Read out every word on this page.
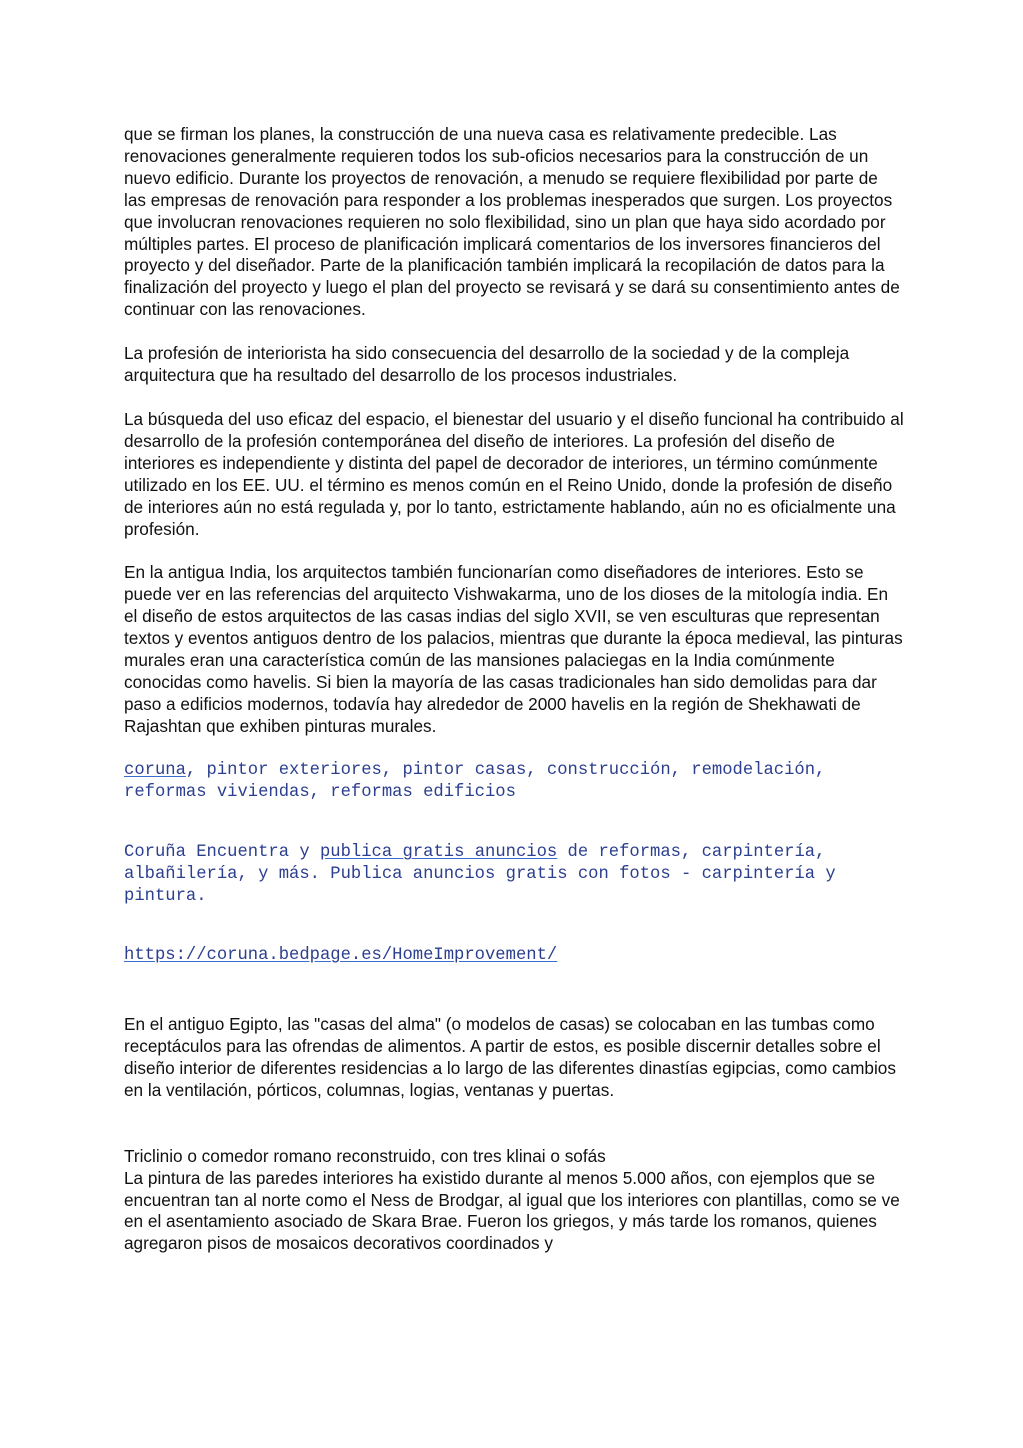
que se firman los planes, la construcción de una nueva casa es relativamente predecible. Las renovaciones generalmente requieren todos los sub-oficios necesarios para la construcción de un nuevo edificio. Durante los proyectos de renovación, a menudo se requiere flexibilidad por parte de las empresas de renovación para responder a los problemas inesperados que surgen. Los proyectos que involucran renovaciones requieren no solo flexibilidad, sino un plan que haya sido acordado por múltiples partes. El proceso de planificación implicará comentarios de los inversores financieros del proyecto y del diseñador. Parte de la planificación también implicará la recopilación de datos para la finalización del proyecto y luego el plan del proyecto se revisará y se dará su consentimiento antes de continuar con las renovaciones.

La profesión de interiorista ha sido consecuencia del desarrollo de la sociedad y de la compleja arquitectura que ha resultado del desarrollo de los procesos industriales.

La búsqueda del uso eficaz del espacio, el bienestar del usuario y el diseño funcional ha contribuido al desarrollo de la profesión contemporánea del diseño de interiores. La profesión del diseño de interiores es independiente y distinta del papel de decorador de interiores, un término comúnmente utilizado en los EE. UU. el término es menos común en el Reino Unido, donde la profesión de diseño de interiores aún no está regulada y, por lo tanto, estrictamente hablando, aún no es oficialmente una profesión.

En la antigua India, los arquitectos también funcionarían como diseñadores de interiores. Esto se puede ver en las referencias del arquitecto Vishwakarma, uno de los dioses de la mitología india. En el diseño de estos arquitectos de las casas indias del siglo XVII, se ven esculturas que representan textos y eventos antiguos dentro de los palacios, mientras que durante la época medieval, las pinturas murales eran una característica común de las mansiones palaciegas en la India comúnmente conocidas como havelis. Si bien la mayoría de las casas tradicionales han sido demolidas para dar paso a edificios modernos, todavía hay alrededor de 2000 havelis en la región de Shekhawati de Rajashtan que exhiben pinturas murales.

coruna, pintor exteriores, pintor casas, construcción, remodelación, reformas viviendas, reformas edificios

Coruña Encuentra y publica gratis anuncios de reformas, carpintería, albañilería, y más. Publica anuncios gratis con fotos - carpintería y pintura.

https://coruna.bedpage.es/HomeImprovement/

En el antiguo Egipto, las "casas del alma" (o modelos de casas) se colocaban en las tumbas como receptáculos para las ofrendas de alimentos. A partir de estos, es posible discernir detalles sobre el diseño interior de diferentes residencias a lo largo de las diferentes dinastías egipcias, como cambios en la ventilación, pórticos, columnas, logias, ventanas y puertas.

Triclinio o comedor romano reconstruido, con tres klinai o sofás

La pintura de las paredes interiores ha existido durante al menos 5.000 años, con ejemplos que se encuentran tan al norte como el Ness de Brodgar, al igual que los interiores con plantillas, como se ve en el asentamiento asociado de Skara Brae. Fueron los griegos, y más tarde los romanos, quienes agregaron pisos de mosaicos decorativos coordinados y
